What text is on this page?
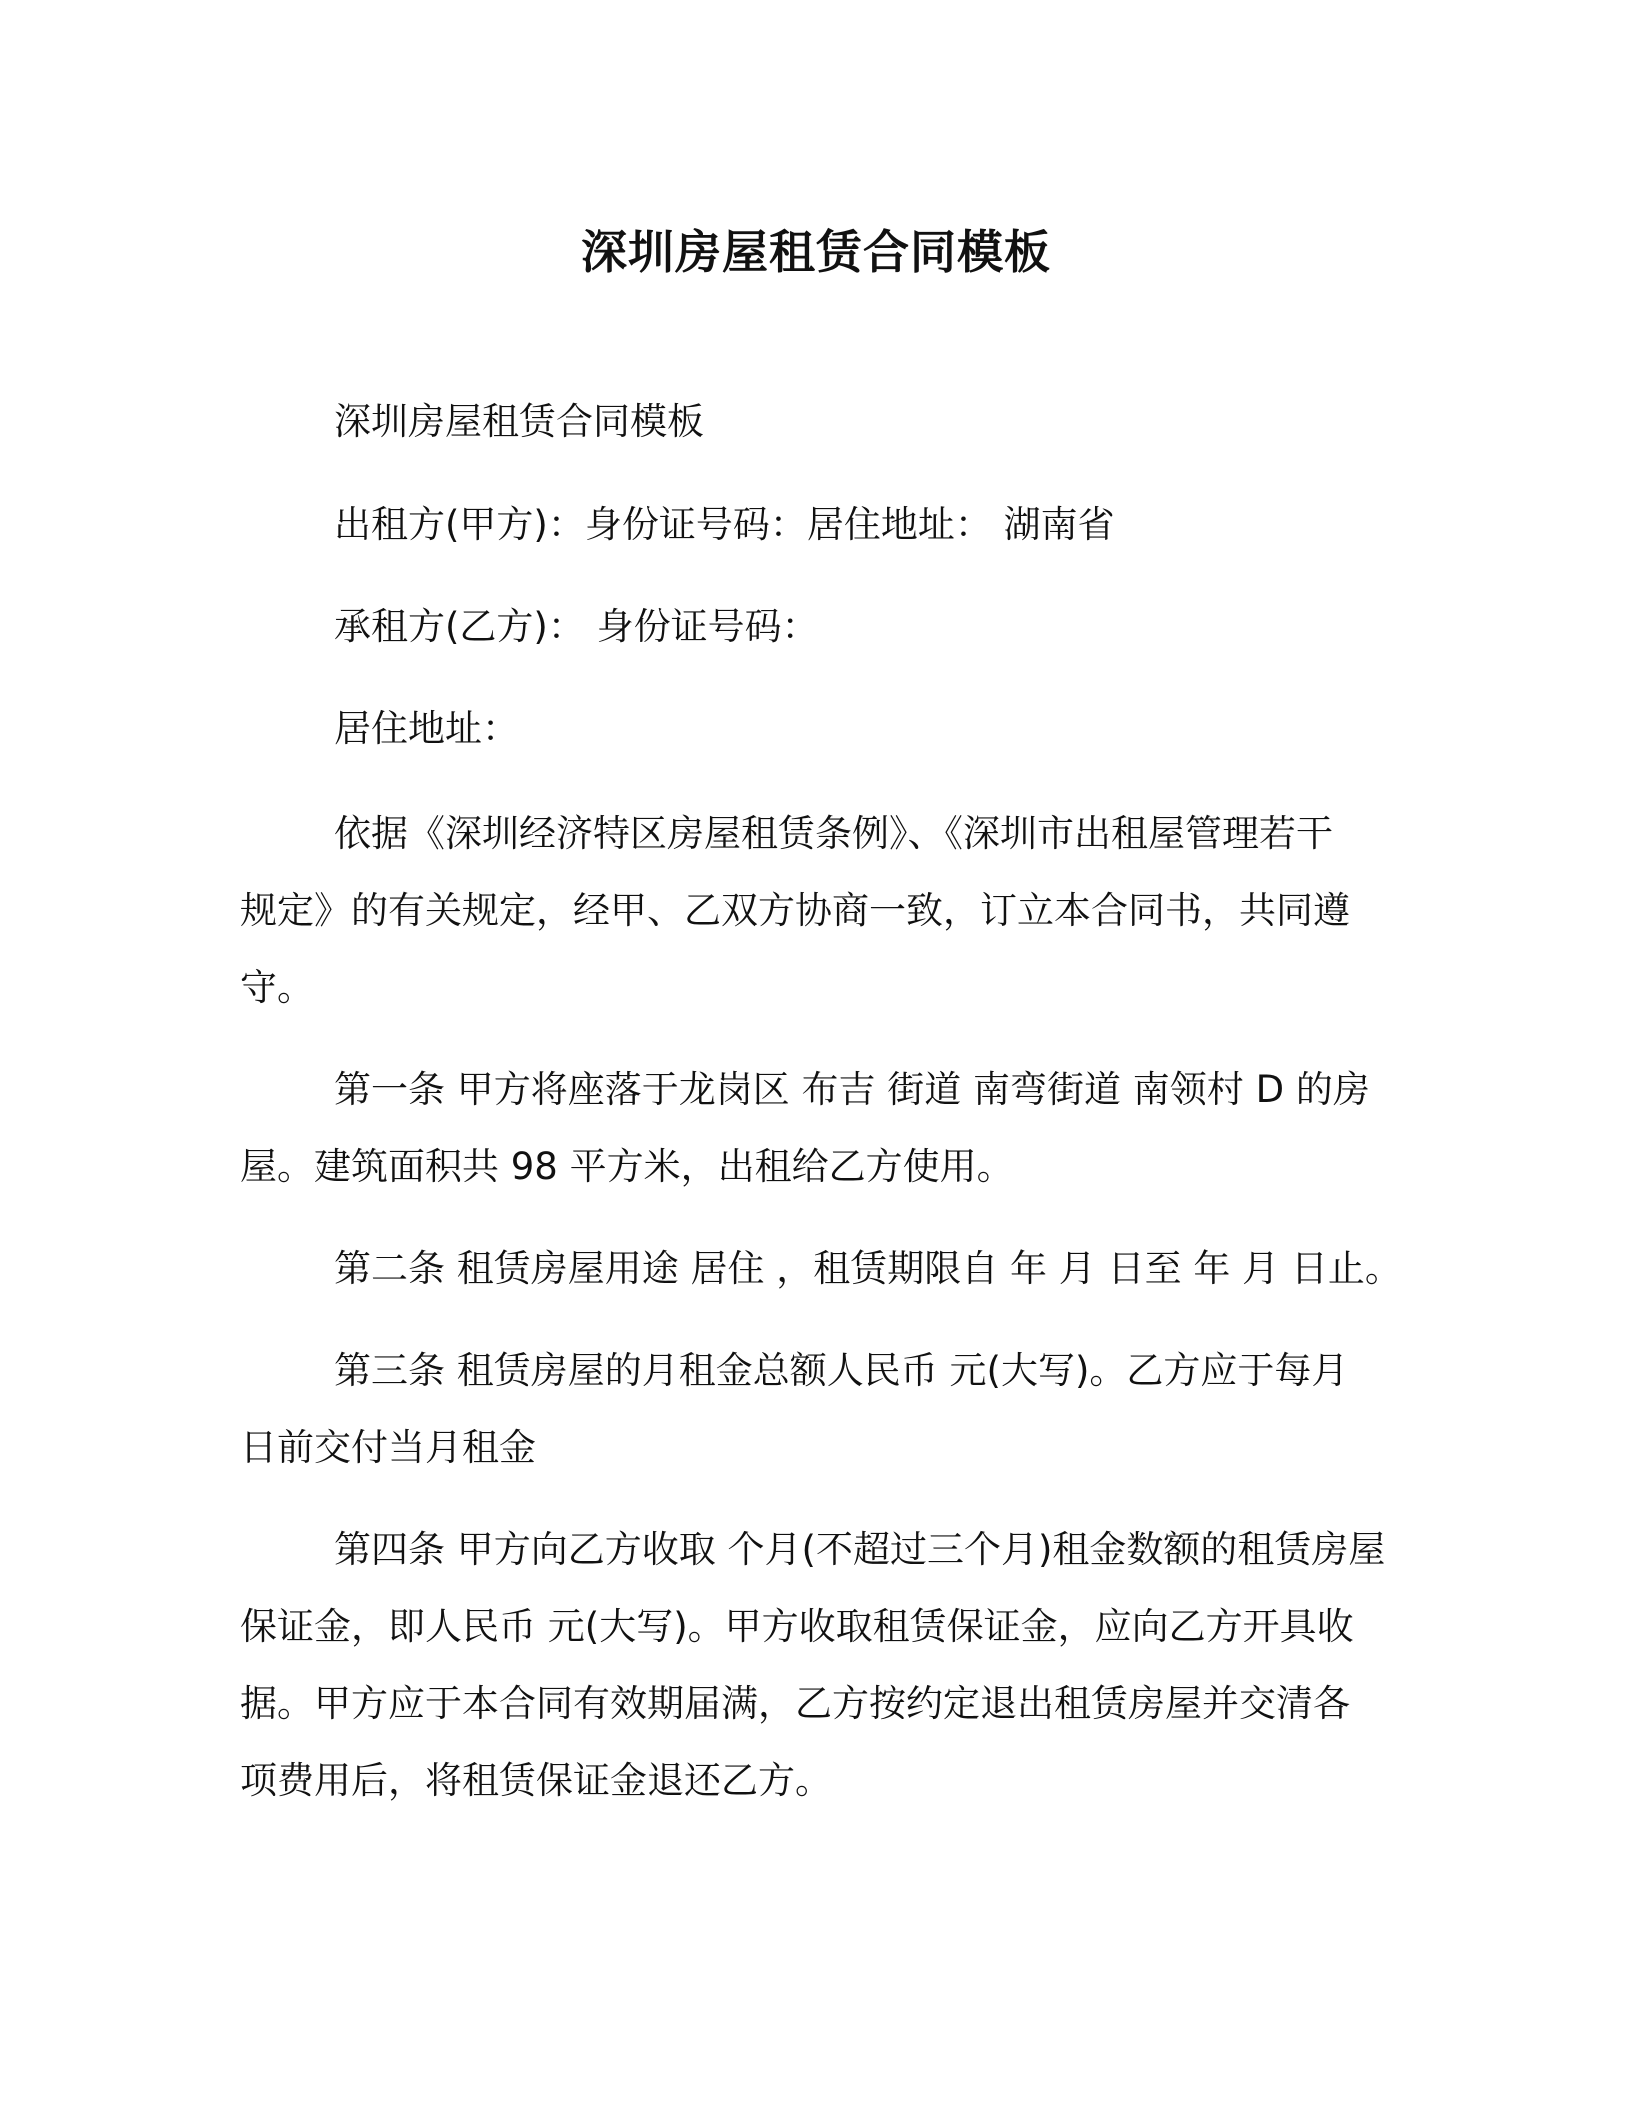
深圳房屋租赁合同模板

深圳房屋租赁合同模板

出租方(甲方)：身份证号码：居住地址： 湖南省

承租方(乙方)： 身份证号码：

居住地址：

依据《深圳经济特区房屋租赁条例》、《深圳市出租屋管理若干
规定》的有关规定，经甲、乙双方协商一致，订立本合同书，共同遵
守。

第一条 甲方将座落于龙岗区 布吉 街道 南弯街道 南领村 D 的房
屋。建筑面积共 98 平方米，出租给乙方使用。

第二条 租赁房屋用途 居住 ，租赁期限自 年 月 日至 年 月 日止。

第三条 租赁房屋的月租金总额人民币 元(大写)。乙方应于每月
日前交付当月租金

第四条 甲方向乙方收取 个月(不超过三个月)租金数额的租赁房屋
保证金，即人民币 元(大写)。甲方收取租赁保证金，应向乙方开具收
据。甲方应于本合同有效期届满，乙方按约定退出租赁房屋并交清各
项费用后，将租赁保证金退还乙方。
